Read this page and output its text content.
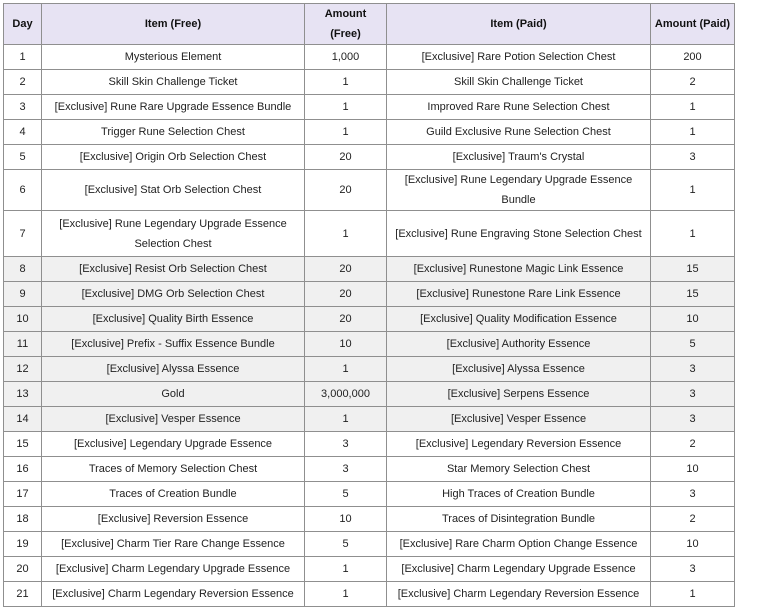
Day	Item (Free)	Amount (Free)	Item (Paid)	Amount (Paid)
1	Mysterious Element	1,000	[Exclusive] Rare Potion Selection Chest	200
2	Skill Skin Challenge Ticket	1	Skill Skin Challenge Ticket	2
3	[Exclusive] Rune Rare Upgrade Essence Bundle	1	Improved Rare Rune Selection Chest	1
4	Trigger Rune Selection Chest	1	Guild Exclusive Rune Selection Chest	1
5	[Exclusive] Origin Orb Selection Chest	20	[Exclusive] Traum's Crystal	3
6	[Exclusive] Stat Orb Selection Chest	20	[Exclusive] Rune Legendary Upgrade Essence Bundle	1
7	[Exclusive] Rune Legendary Upgrade Essence Selection Chest	1	[Exclusive] Rune Engraving Stone Selection Chest	1
8	[Exclusive] Resist Orb Selection Chest	20	[Exclusive] Runestone Magic Link Essence	15
9	[Exclusive] DMG Orb Selection Chest	20	[Exclusive] Runestone Rare Link Essence	15
10	[Exclusive] Quality Birth Essence	20	[Exclusive] Quality Modification Essence	10
11	[Exclusive] Prefix - Suffix Essence Bundle	10	[Exclusive] Authority Essence	5
12	[Exclusive] Alyssa Essence	1	[Exclusive] Alyssa Essence	3
13	Gold	3,000,000	[Exclusive] Serpens Essence	3
14	[Exclusive] Vesper Essence	1	[Exclusive] Vesper Essence	3
15	[Exclusive] Legendary Upgrade Essence	3	[Exclusive] Legendary Reversion Essence	2
16	Traces of Memory Selection Chest	3	Star Memory Selection Chest	10
17	Traces of Creation Bundle	5	High Traces of Creation Bundle	3
18	[Exclusive] Reversion Essence	10	Traces of Disintegration Bundle	2
19	[Exclusive] Charm Tier Rare Change Essence	5	[Exclusive] Rare Charm Option Change Essence	10
20	[Exclusive] Charm Legendary Upgrade Essence	1	[Exclusive] Charm Legendary Upgrade Essence	3
21	[Exclusive] Charm Legendary Reversion Essence	1	[Exclusive] Charm Legendary Reversion Essence	1
